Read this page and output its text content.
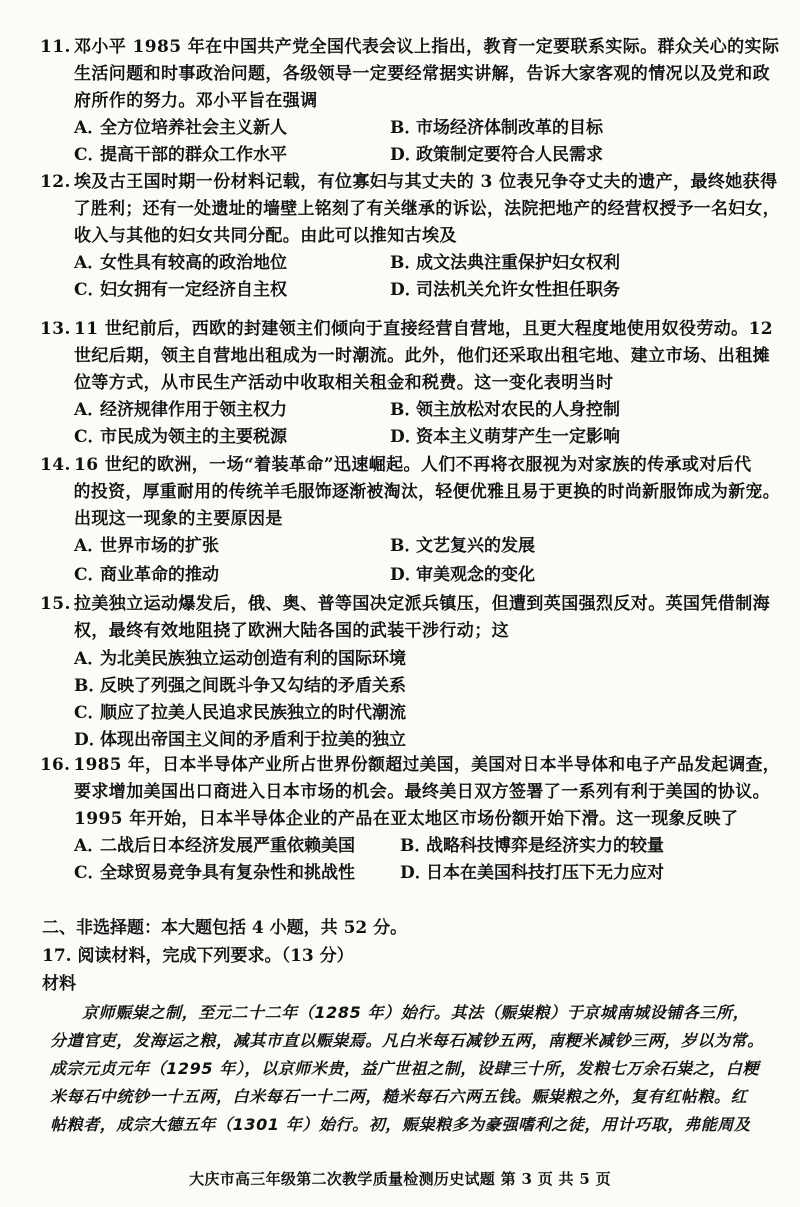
11. 邓小平 1985 年在中国共产党全国代表会议上指出，教育一定要联系实际。群众关心的实际
生活问题和时事政治问题，各级领导一定要经常据实讲解，告诉大家客观的情况以及党和政
府所作的努力。邓小平旨在强调
A．全方位培养社会主义新人	B．市场经济体制改革的目标
C．提高干部的群众工作水平	D．政策制定要符合人民需求
12. 埃及古王国时期一份材料记载，有位寡妇与其丈夫的 3 位表兄争夺丈夫的遗产，最终她获得
了胜利；还有一处遗址的墙壁上铭刻了有关继承的诉讼，法院把地产的经营权授予一名妇女，
收入与其他的妇女共同分配。由此可以推知古埃及
A．女性具有较高的政治地位	B．成文法典注重保护妇女权利
C．妇女拥有一定经济自主权	D．司法机关允许女性担任职务
13. 11 世纪前后，西欧的封建领主们倾向于直接经营自营地，且更大程度地使用奴役劳动。12
世纪后期，领主自营地出租成为一时潮流。此外，他们还采取出租宅地、建立市场、出租摊
位等方式，从市民生产活动中收取相关租金和税费。这一变化表明当时
A．经济规律作用于领主权力	B．领主放松对农民的人身控制
C．市民成为领主的主要税源	D．资本主义萌芽产生一定影响
14. 16 世纪的欧洲，一场“着装革命”迅速崛起。人们不再将衣服视为对家族的传承或对后代
的投资，厚重耐用的传统羊毛服饰逐渐被淘汰，轻便优雅且易于更换的时尚新服饰成为新宠。
出现这一现象的主要原因是
A．世界市场的扩张	B．文艺复兴的发展
C．商业革命的推动	D．审美观念的变化
15. 拉美独立运动爆发后，俄、奥、普等国决定派兵镇压，但遭到英国强烈反对。英国凭借制海
权，最终有效地阻挠了欧洲大陆各国的武装干涉行动；这
A．为北美民族独立运动创造有利的国际环境
B．反映了列强之间既斗争又勾结的矛盾关系
C．顺应了拉美人民追求民族独立的时代潮流
D．体现出帝国主义间的矛盾利于拉美的独立
16. 1985 年，日本半导体产业所占世界份额超过美国，美国对日本半导体和电子产品发起调查，
要求增加美国出口商进入日本市场的机会。最终美日双方签署了一系列有利于美国的协议。
1995 年开始，日本半导体企业的产品在亚太地区市场份额开始下滑。这一现象反映了
A．二战后日本经济发展严重依赖美国	B．战略科技博弈是经济实力的较量
C．全球贸易竞争具有复杂性和挑战性	D．日本在美国科技打压下无力应对
二、非选择题：本大题包括 4 小题，共 52 分。
17. 阅读材料，完成下列要求。（13 分）
材料
京师赈粜之制，至元二十二年（1285 年）始行。其法（赈粜粮）于京城南城设铺各三所，
分遣官吏，发海运之粮，减其市直以赈粜焉。凡白米每石减钞五两，南粳米减钞三两，岁以为常。
成宗元贞元年（1295 年），以京师米贵，益广世祖之制，设肆三十所，发粮七万余石粜之，白粳
米每石中统钞一十五两，白米每石一十二两，糙米每石六两五钱。赈粜粮之外，复有红帖粮。红
帖粮者，成宗大德五年（1301 年）始行。初，赈粜粮多为豪强嗜利之徒，用计巧取，弗能周及
大庆市高三年级第二次教学质量检测历史试题 第 3 页 共 5 页
